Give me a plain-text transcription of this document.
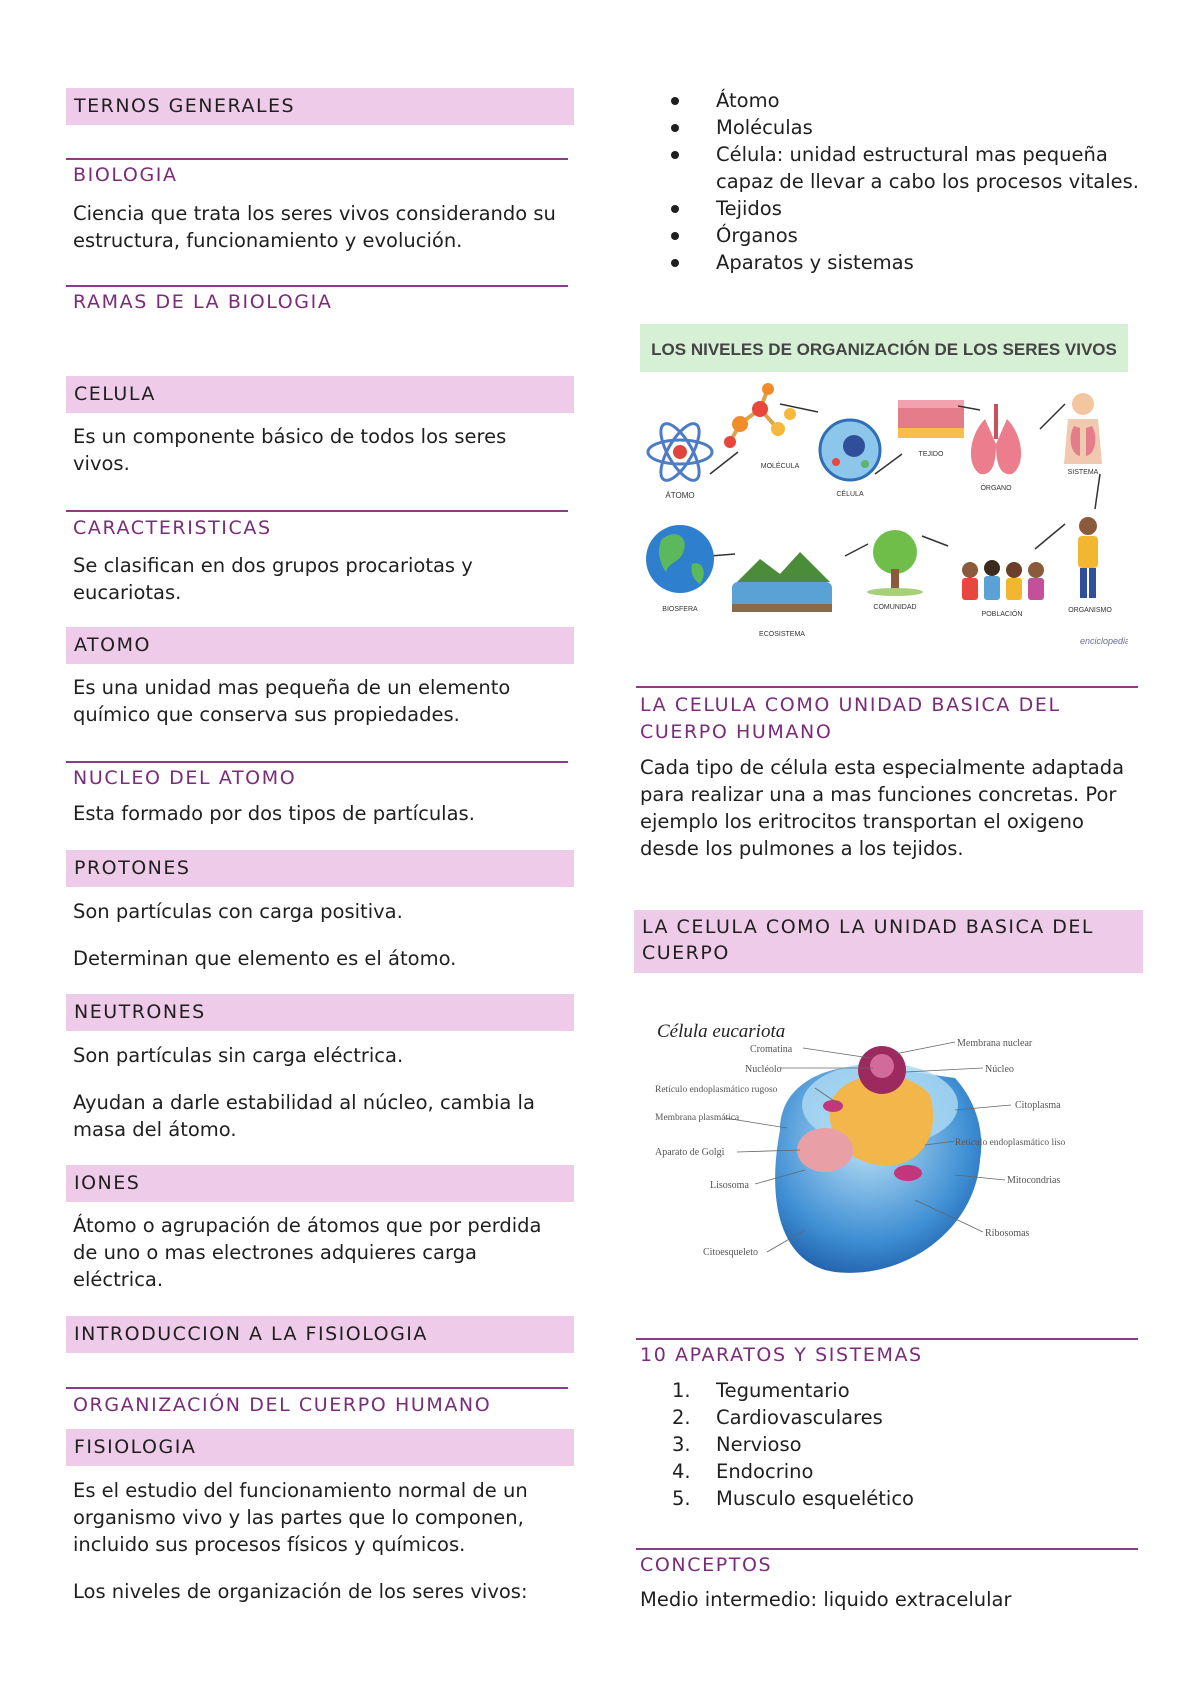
TERNOS GENERALES
BIOLOGIA
Ciencia que trata los seres vivos considerando su estructura, funcionamiento y evolución.
RAMAS DE LA BIOLOGIA
CELULA
Es un componente básico de todos los seres vivos.
CARACTERISTICAS
Se clasifican en dos grupos procariotas y eucariotas.
ATOMO
Es una unidad mas pequeña de un elemento químico que conserva sus propiedades.
NUCLEO DEL ATOMO
Esta formado por dos tipos de partículas.
PROTONES
Son partículas con carga positiva.
Determinan que elemento es el átomo.
NEUTRONES
Son partículas sin carga eléctrica.
Ayudan a darle estabilidad al núcleo, cambia la masa del átomo.
IONES
Átomo o agrupación de átomos que por perdida de uno o mas electrones adquieres carga eléctrica.
INTRODUCCION A LA FISIOLOGIA
ORGANIZACIÓN DEL CUERPO HUMANO
FISIOLOGIA
Es el estudio del funcionamiento normal de un organismo vivo y las partes que lo componen, incluido sus procesos físicos y químicos.
Los niveles de organización de los seres vivos:
Átomo
Moléculas
Célula: unidad estructural mas pequeña capaz de llevar a cabo los procesos vitales.
Tejidos
Órganos
Aparatos y sistemas
LOS NIVELES DE ORGANIZACIÓN DE LOS SERES VIVOS
ÁTOMO
MOLÉCULA
CÉLULA
TEJIDO
ÓRGANO
SISTEMA
ORGANISMO
POBLACIÓN
COMUNIDAD
ECOSISTEMA
BIOSFERA
enciclopedia
LA CELULA COMO UNIDAD BASICA DEL CUERPO HUMANO
Cada tipo de célula esta especialmente adaptada para realizar una a mas funciones concretas. Por ejemplo los eritrocitos transportan el oxigeno desde los pulmones a los tejidos.
LA CELULA COMO LA UNIDAD BASICA DEL CUERPO
Célula eucariota
Cromatina
Membrana nuclear
Nucléolo	Núcleo
Retículo endoplasmático rugoso
Citoplasma
Membrana plasmática
Retículo endoplasmático liso
Aparato de Golgi
Mitocondrias
Lisosoma
Ribosomas
Citoesqueleto
10 APARATOS Y SISTEMAS
1. Tegumentario
2. Cardiovasculares
3. Nervioso
4. Endocrino
5. Musculo esquelético
CONCEPTOS
Medio intermedio: liquido extracelular
